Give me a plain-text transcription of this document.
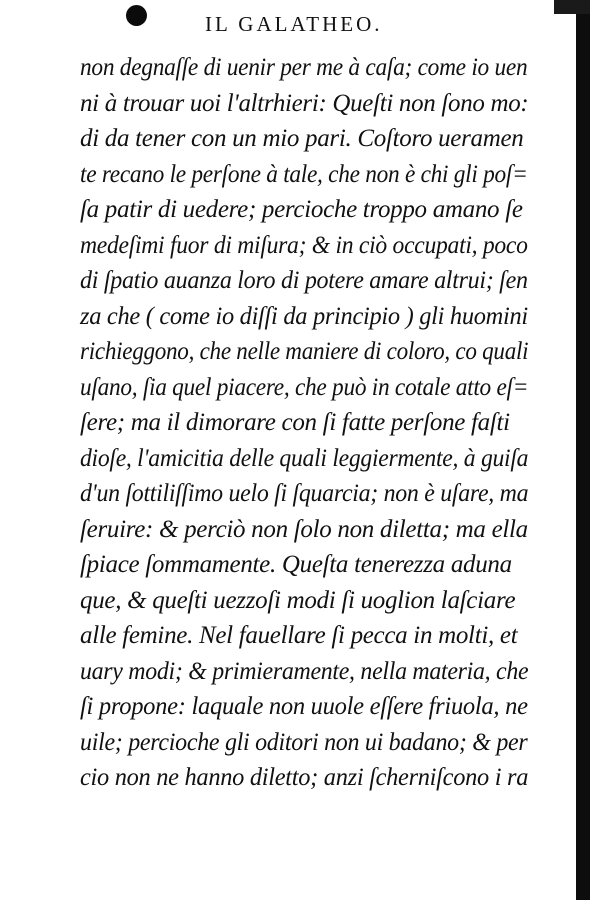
IL GALATHEO.
non degnaſſe di uenir per me à caſa; come io uen
ni à trouar uoi l'altrhieri: Queſti non ſono mo:
di da tener con un mio pari. Coſtoro ueramen
te recano le perſone à tale, che non è chi gli poſ=
ſa patir di uedere; percioche troppo amano ſe
medeſimi fuor di miſura; & in ciò occupati, poco
di ſpatio auanza loro di potere amare altrui; ſen
za che ( come io diſſi da principio ) gli huomini
richieggono, che nelle maniere di coloro, co quali
uſano, ſia quel piacere, che può in cotale atto eſ=
ſere; ma il dimorare con ſi fatte perſone faſti
dioſe, l'amicitia delle quali leggiermente, à guiſa
d'un ſottiliſſimo uelo ſi ſquarcia; non è uſare, ma
ſeruire: & perciò non ſolo non diletta; ma ella
ſpiace ſommamente. Queſta tenerezza aduna
que, & queſti uezzoſi modi ſi uoglion laſciare
alle femine. Nel fauellare ſi pecca in molti, et
uary modi; & primieramente, nella materia, che
ſi propone: laquale non uuole eſſere friuola, ne
uile; percioche gli oditori non ui badano; & per
cio non ne hanno diletto; anzi ſcherniſcono i ra
